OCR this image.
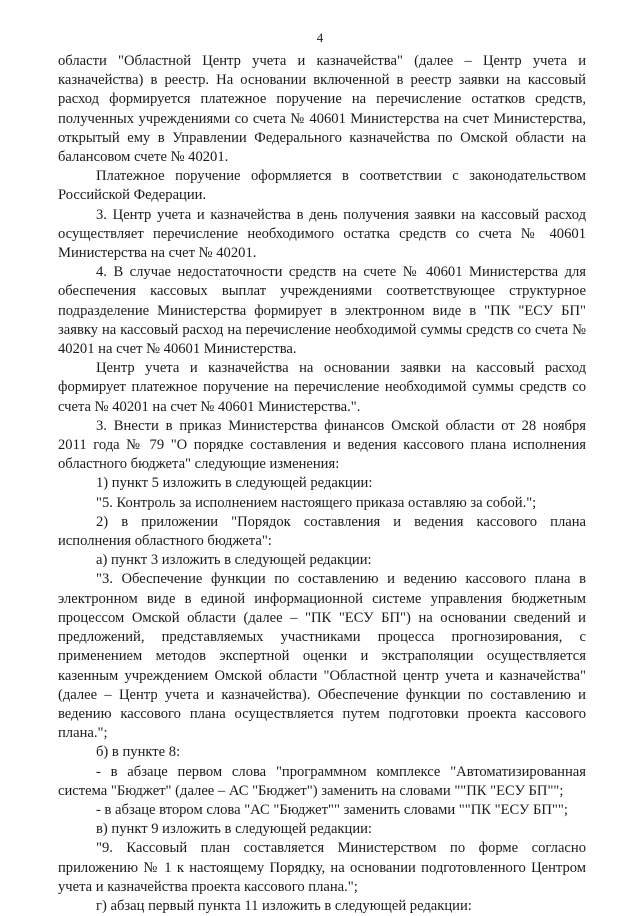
4

области "Областной Центр учета и казначейства" (далее – Центр учета и казначейства) в реестр. На основании включенной в реестр заявки на кассовый расход формируется платежное поручение на перечисление остатков средств, полученных учреждениями со счета № 40601 Министерства на счет Министерства, открытый ему в Управлении Федерального казначейства по Омской области на балансовом счете № 40201.

Платежное поручение оформляется в соответствии с законодательством Российской Федерации.

3. Центр учета и казначейства в день получения заявки на кассовый расход осуществляет перечисление необходимого остатка средств со счета № 40601 Министерства на счет № 40201.

4. В случае недостаточности средств на счете № 40601 Министерства для обеспечения кассовых выплат учреждениями соответствующее структурное подразделение Министерства формирует в электронном виде в "ПК "ЕСУ БП" заявку на кассовый расход на перечисление необходимой суммы средств со счета № 40201 на счет № 40601 Министерства.

Центр учета и казначейства на основании заявки на кассовый расход формирует платежное поручение на перечисление необходимой суммы средств со счета № 40201 на счет № 40601 Министерства.".

3. Внести в приказ Министерства финансов Омской области от 28 ноября 2011 года № 79 "О порядке составления и ведения кассового плана исполнения областного бюджета" следующие изменения:

1) пункт 5 изложить в следующей редакции:

"5. Контроль за исполнением настоящего приказа оставляю за собой.";

2) в приложении "Порядок составления и ведения кассового плана исполнения областного бюджета":

а) пункт 3 изложить в следующей редакции:

"3. Обеспечение функции по составлению и ведению кассового плана в электронном виде в единой информационной системе управления бюджетным процессом Омской области (далее – "ПК "ЕСУ БП") на основании сведений и предложений, представляемых участниками процесса прогнозирования, с применением методов экспертной оценки и экстраполяции осуществляется казенным учреждением Омской области "Областной центр учета и казначейства" (далее – Центр учета и казначейства). Обеспечение функции по составлению и ведению кассового плана осуществляется путем подготовки проекта кассового плана.";

б) в пункте 8:

- в абзаце первом слова "программном комплексе "Автоматизированная система "Бюджет" (далее – АС "Бюджет") заменить на словами ""ПК "ЕСУ БП"";

- в абзаце втором слова "АС "Бюджет"" заменить словами ""ПК "ЕСУ БП"";

в) пункт 9 изложить в следующей редакции:

"9. Кассовый план составляется Министерством по форме согласно приложению № 1 к настоящему Порядку, на основании подготовленного Центром учета и казначейства проекта кассового плана.";

г) абзац первый пункта 11 изложить в следующей редакции:
